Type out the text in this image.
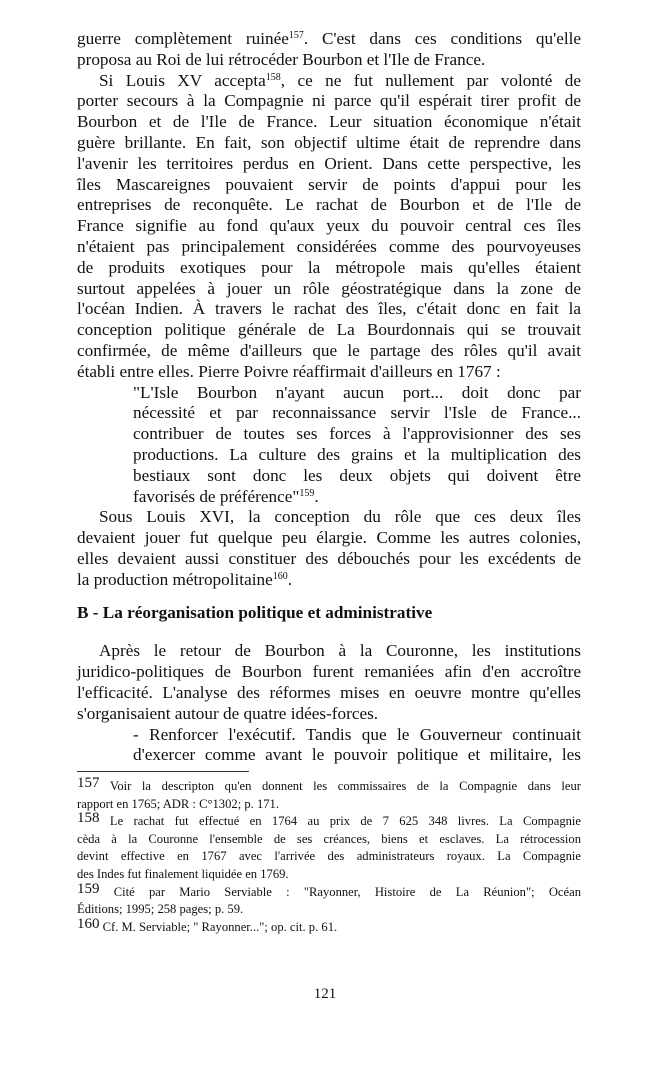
guerre complètement ruinée$^{157}$. C'est dans ces conditions qu'elle
proposa au Roi de lui rétrocéder Bourbon et l'Ile de France.
Si Louis XV accepta$^{158}$, ce ne fut nullement par volonté de
porter secours à la Compagnie ni parce qu'il espérait tirer profit de
Bourbon et de l'Ile de France. Leur situation économique n'était
guère brillante. En fait, son objectif ultime était de reprendre dans
l'avenir les territoires perdus en Orient. Dans cette perspective, les
îles Mascareignes pouvaient servir de points d'appui pour les
entreprises de reconquête. Le rachat de Bourbon et de l'Ile de
France signifie au fond qu'aux yeux du pouvoir central ces îles
n'étaient pas principalement considérées comme des pourvoyeuses
de produits exotiques pour la métropole mais qu'elles étaient
surtout appelées à jouer un rôle géostratégique dans la zone de
l'océan Indien. À travers le rachat des îles, c'était donc en fait la
conception politique générale de La Bourdonnais qui se trouvait
confirmée, de même d'ailleurs que le partage des rôles qu'il avait
établi entre elles. Pierre Poivre réaffirmait d'ailleurs en 1767 :
"L'Isle Bourbon n'ayant aucun port... doit donc par
nécessité et par reconnaissance servir l'Isle de France...
contribuer de toutes ses forces à l'approvisionner des ses
productions. La culture des grains et la multiplication des
bestiaux sont donc les deux objets qui doivent être
favorisés de préférence"$^{159}$.
Sous Louis XVI, la conception du rôle que ces deux îles
devaient jouer fut quelque peu élargie. Comme les autres colonies,
elles devaient aussi constituer des débouchés pour les excédents de
la production métropolitaine$^{160}$.
B - La réorganisation politique et administrative
Après le retour de Bourbon à la Couronne, les institutions
juridico-politiques de Bourbon furent remaniées afin d'en accroître
l'efficacité. L'analyse des réformes mises en oeuvre montre qu'elles
s'organisaient autour de quatre idées-forces.
- Renforcer l'exécutif. Tandis que le Gouverneur continuait
d'exercer comme avant le pouvoir politique et militaire, les
157 Voir la descripton qu'en donnent les commissaires de la Compagnie dans leur
rapport en 1765; ADR : C°1302; p. 171.
158 Le rachat fut effectué en 1764 au prix de 7 625 348 livres. La Compagnie
cèda à la Couronne l'ensemble de ses créances, biens et esclaves. La rétrocession
devint effective en 1767 avec l'arrivée des administrateurs royaux. La Compagnie
des Indes fut finalement liquidée en 1769.
159 Cité par Mario Serviable : "Rayonner, Histoire de La Réunion"; Océan
Éditions; 1995; 258 pages; p. 59.
160 Cf. M. Serviable; " Rayonner..."; op. cit. p. 61.
121
